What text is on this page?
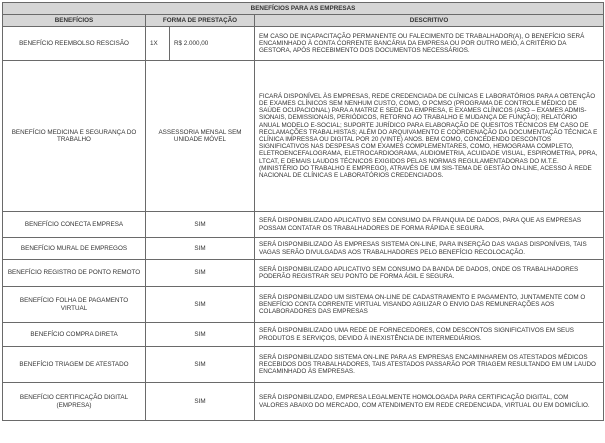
BENEFÍCIOS PARA AS EMPRESAS			
BENEFÍCIOS	FORMA DE PRESTAÇÃO		DESCRITIVO
BENEFÍCIO REEMBOLSO RESCISÃO	1X	R$ 2.000,00	EM CASO DE INCAPACITAÇÃO PERMANENTE OU FALECIMENTO DE TRABALHADOR(A), O BENEFÍCIO SERÁ ENCAMINHADO À CONTA CORRENTE BANCÁRIA DA EMPRESA OU POR OUTRO MEIO, A CRITÉRIO DA GESTORA, APÓS RECEBIMENTO DOS DOCUMENTOS NECESSÁRIOS.
BENEFÍCIO MEDICINA E SEGURANÇA DO TRABALHO	ASSESSORIA MENSAL SEM UNIDADE MÓVEL		FICARÁ DISPONÍVEL ÀS EMPRESAS, REDE CREDENCIADA DE CLÍNICAS E LABORATÓRIOS PARA A OBTENÇÃO DE EXAMES CLÍNICOS SEM NENHUM CUSTO, COMO, O PCMSO (PROGRAMA DE CONTROLE MÉDICO DE SAÚDE OCUPACIONAL) PARA A MATRIZ E SEDE DA EMPRESA, E EXAMES CLÍNICOS (ASO – EXAMES ADMIS-SIONAIS, DEMISSIONAIS, PERIÓDICOS, RETORNO AO TRABALHO E MUDANÇA DE FUNÇÃO); RELATÓRIO ANUAL MODELO E-SOCIAL; SUPORTE JURÍDICO PARA ELABORAÇÃO DE QUESITOS TÉCNICOS EM CASO DE RECLAMAÇÕES TRABALHISTAS; ALÉM DO ARQUIVAMENTO E COORDENAÇÃO DA DOCUMENTAÇÃO TÉCNICA E CLÍNICA IMPRESSA OU DIGITAL POR 20 (VINTE) ANOS. BEM COMO, CONCEDENDO DESCONTOS SIGNIFICATIVOS NAS DESPESAS COM EXAMES COMPLEMENTARES, COMO, HEMOGRAMA COMPLETO, ELETROENCEFALOGRAMA, ELETROCARDIOGRAMA, AUDIOMETRIA, ACUIDADE VISUAL, ESPIROMETRIA, PPRA, LTCAT, E DEMAIS LAUDOS TÉCNICOS EXIGIDOS PELAS NORMAS REGULAMENTADORAS DO M.T.E. (MINISTÉRIO DO TRABALHO E EMPREGO), ATRAVÉS DE UM SIS-TEMA DE GESTÃO ON-LINE, ACESSO À REDE NACIONAL DE CLÍNICAS E LABORATÓRIOS CREDENCIADOS.
BENEFÍCIO CONECTA EMPRESA	SIM		SERÁ DISPONIBILIZADO APLICATIVO SEM CONSUMO DA FRANQUIA DE DADOS, PARA QUE AS EMPRESAS POSSAM CONTATAR OS TRABALHADORES DE FORMA RÁPIDA E SEGURA.
BENEFÍCIO MURAL DE EMPREGOS	SIM		SERÁ DISPONIBILIZADO ÀS EMPRESAS SISTEMA ON-LINE, PARA INSERÇÃO DAS VAGAS DISPONÍVEIS, TAIS VAGAS SERÃO DIVULGADAS AOS TRABALHADORES PELO BENEFÍCIO RECOLOCAÇÃO.
BENEFÍCIO REGISTRO DE PONTO REMOTO	SIM		SERÁ DISPONIBILIZADO APLICATIVO SEM CONSUMO DA BANDA DE DADOS, ONDE OS TRABALHADORES PODERÃO REGISTRAR SEU PONTO DE FORMA ÁGIL E SEGURA.
BENEFÍCIO FOLHA DE PAGAMENTO VIRTUAL	SIM		SERÁ DISPONIBILIZADO UM SISTEMA ON-LINE DE CADASTRAMENTO E PAGAMENTO, JUNTAMENTE COM O BENEFÍCIO CONTA CORRENTE VIRTUAL VISANDO AGILIZAR O ENVIO DAS REMUNERAÇÕES AOS COLABORADORES DAS EMPRESAS
BENEFÍCIO COMPRA DIRETA	SIM		SERÁ DISPONIBILIZADO UMA REDE DE FORNECEDORES, COM DESCONTOS SIGNIFICATIVOS EM SEUS PRODUTOS E SERVIÇOS, DEVIDO À INEXISTÊNCIA DE INTERMEDIÁRIOS.
BENEFÍCIO TRIAGEM DE ATESTADO	SIM		SERÁ DISPONIBILIZADO SISTEMA ON-LINE PARA AS EMPRESAS ENCAMINHAREM OS ATESTADOS MÉDICOS RECEBIDOS DOS TRABALHADORES, TAIS ATESTADOS PASSARÃO POR TRIAGEM RESULTANDO EM UM LAUDO ENCAMINHADO ÀS EMPRESAS.
BENEFÍCIO CERTIFICAÇÃO DIGITAL (EMPRESA)	SIM		SERÁ DISPONIBILIZADO, EMPRESA LEGALMENTE HOMOLOGADA PARA CERTIFICAÇÃO DIGITAL, COM VALORES ABAIXO DO MERCADO, COM ATENDIMENTO EM REDE CREDENCIADA, VIRTUAL OU EM DOMICÍLIO.
